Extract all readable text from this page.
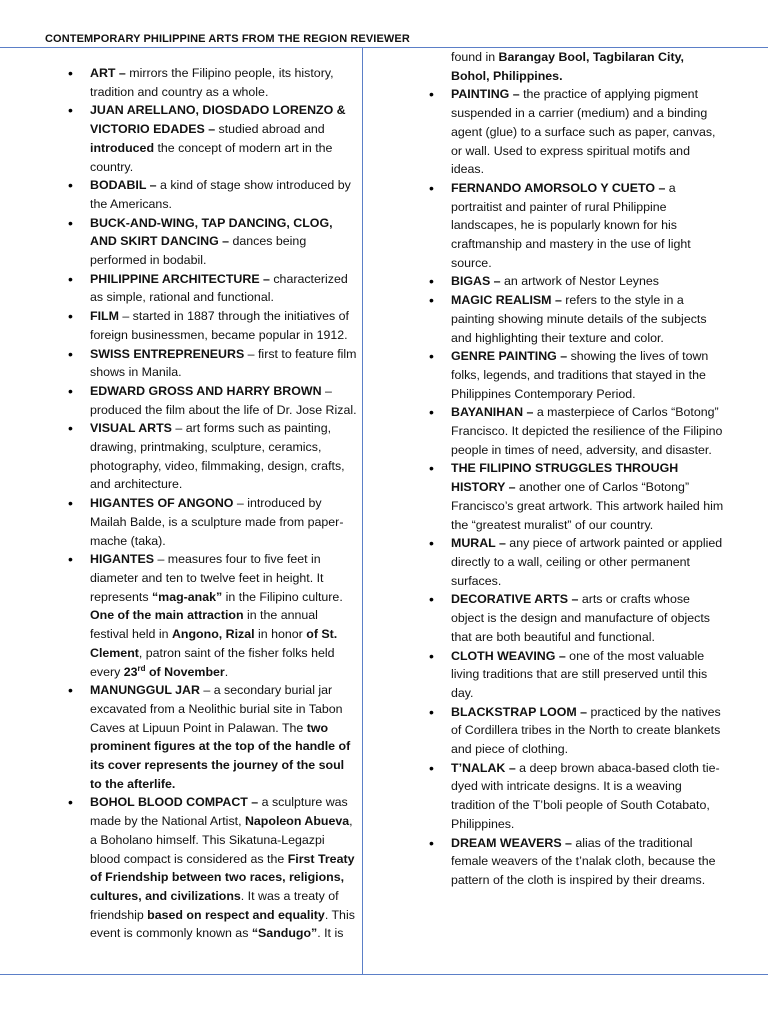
CONTEMPORARY PHILIPPINE ARTS FROM THE REGION REVIEWER
• ART – mirrors the Filipino people, its history, tradition and country as a whole.
• JUAN ARELLANO, DIOSDADO LORENZO & VICTORIO EDADES – studied abroad and introduced the concept of modern art in the country.
• BODABIL – a kind of stage show introduced by the Americans.
• BUCK-AND-WING, TAP DANCING, CLOG, AND SKIRT DANCING – dances being performed in bodabil.
• PHILIPPINE ARCHITECTURE – characterized as simple, rational and functional.
• FILM – started in 1887 through the initiatives of foreign businessmen, became popular in 1912.
• SWISS ENTREPRENEURS – first to feature film shows in Manila.
• EDWARD GROSS AND HARRY BROWN – produced the film about the life of Dr. Jose Rizal.
• VISUAL ARTS – art forms such as painting, drawing, printmaking, sculpture, ceramics, photography, video, filmmaking, design, crafts, and architecture.
• HIGANTES OF ANGONO – introduced by Mailah Balde, is a sculpture made from paper-mache (taka).
• HIGANTES – measures four to five feet in diameter and ten to twelve feet in height. It represents “mag-anak” in the Filipino culture. One of the main attraction in the annual festival held in Angono, Rizal in honor of St. Clement, patron saint of the fisher folks held every 23rd of November.
• MANUNGGUL JAR – a secondary burial jar excavated from a Neolithic burial site in Tabon Caves at Lipuun Point in Palawan. The two prominent figures at the top of the handle of its cover represents the journey of the soul to the afterlife.
• BOHOL BLOOD COMPACT – a sculpture was made by the National Artist, Napoleon Abueva, a Boholano himself. This Sikatuna-Legazpi blood compact is considered as the First Treaty of Friendship between two races, religions, cultures, and civilizations. It was a treaty of friendship based on respect and equality. This event is commonly known as “Sandugo”. It is

found in Barangay Bool, Tagbilaran City, Bohol, Philippines.

• PAINTING – the practice of applying pigment suspended in a carrier (medium) and a binding agent (glue) to a surface such as paper, canvas, or wall. Used to express spiritual motifs and ideas.
• FERNANDO AMORSOLO Y CUETO – a portraitist and painter of rural Philippine landscapes, he is popularly known for his craftmanship and mastery in the use of light source.
• BIGAS – an artwork of Nestor Leynes
• MAGIC REALISM – refers to the style in a painting showing minute details of the subjects and highlighting their texture and color.
• GENRE PAINTING – showing the lives of town folks, legends, and traditions that stayed in the Philippines Contemporary Period.
• BAYANIHAN – a masterpiece of Carlos “Botong” Francisco. It depicted the resilience of the Filipino people in times of need, adversity, and disaster.
• THE FILIPINO STRUGGLES THROUGH HISTORY – another one of Carlos “Botong” Francisco’s great artwork. This artwork hailed him the “greatest muralist” of our country.
• MURAL – any piece of artwork painted or applied directly to a wall, ceiling or other permanent surfaces.
• DECORATIVE ARTS – arts or crafts whose object is the design and manufacture of objects that are both beautiful and functional.
• CLOTH WEAVING – one of the most valuable living traditions that are still preserved until this day.
• BLACKSTRAP LOOM – practiced by the natives of Cordillera tribes in the North to create blankets and piece of clothing.
• T’NALAK – a deep brown abaca-based cloth tie-dyed with intricate designs. It is a weaving tradition of the T’boli people of South Cotabato, Philippines.
• DREAM WEAVERS – alias of the traditional female weavers of the t’nalak cloth, because the pattern of the cloth is inspired by their dreams.
